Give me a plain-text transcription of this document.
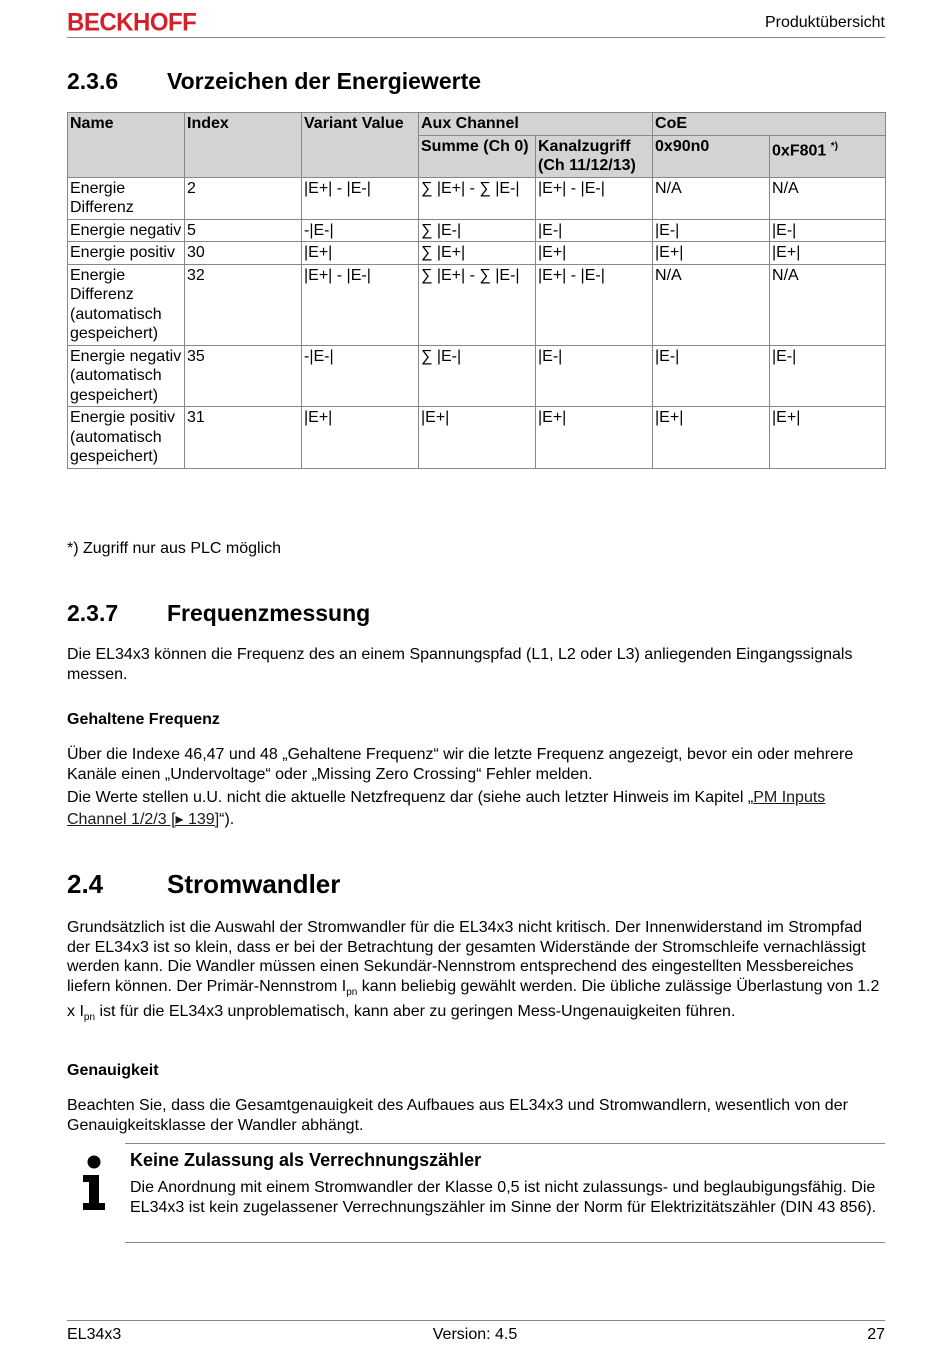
BECKHOFF	Produktübersicht
2.3.6 Vorzeichen der Energiewerte
Name	Index	Variant Value	Aux Channel		CoE	
			Summe (Ch 0)	Kanalzugriff (Ch 11/12/13)	0x90n0	0xF801 *)
Energie Differenz	2	|E+| - |E-|	∑ |E+| - ∑ |E-|	|E+| - |E-|	N/A	N/A
Energie negativ	5	-|E-|	∑ |E-|	|E-|	|E-|	|E-|
Energie positiv	30	|E+|	∑ |E+|	|E+|	|E+|	|E+|
Energie Differenz (automatisch gespeichert)	32	|E+| - |E-|	∑ |E+| - ∑ |E-|	|E+| - |E-|	N/A	N/A
Energie negativ (automatisch gespeichert)	35	-|E-|	∑ |E-|	|E-|	|E-|	|E-|
Energie positiv (automatisch gespeichert)	31	|E+|	|E+|	|E+|	|E+|	|E+|
*) Zugriff nur aus PLC möglich
2.3.7 Frequenzmessung

Die EL34x3 können die Frequenz des an einem Spannungspfad (L1, L2 oder L3) anliegenden Eingangssignals messen.

Gehaltene Frequenz

Über die Indexe 46,47 und 48 „Gehaltene Frequenz“ wir die letzte Frequenz angezeigt, bevor ein oder mehrere Kanäle einen „Undervoltage“ oder „Missing Zero Crossing“ Fehler melden.

Die Werte stellen u.U. nicht die aktuelle Netzfrequenz dar (siehe auch letzter Hinweis im Kapitel „PM Inputs Channel 1/2/3 [▸ 139]“).

2.4 Stromwandler

Grundsätzlich ist die Auswahl der Stromwandler für die EL34x3 nicht kritisch. Der Innenwiderstand im Strompfad der EL34x3 ist so klein, dass er bei der Betrachtung der gesamten Widerstände der Stromschleife vernachlässigt werden kann. Die Wandler müssen einen Sekundär-Nennstrom entsprechend des eingestellten Messbereiches liefern können. Der Primär-Nennstrom $I_{pn}$ kann beliebig gewählt werden. Die übliche zulässige Überlastung von 1.2 x $I_{pn}$ ist für die EL34x3 unproblematisch, kann aber zu geringen Mess-Ungenauigkeiten führen.

Genauigkeit

Beachten Sie, dass die Gesamtgenauigkeit des Aufbaues aus EL34x3 und Stromwandlern, wesentlich von der Genauigkeitsklasse der Wandler abhängt.

Keine Zulassung als Verrechnungszähler

Die Anordnung mit einem Stromwandler der Klasse 0,5 ist nicht zulassungs- und beglaubigungsfähig. Die EL34x3 ist kein zugelassener Verrechnungszähler im Sinne der Norm für Elektrizitätszähler (DIN 43 856).

EL34x3	Version: 4.5	27
